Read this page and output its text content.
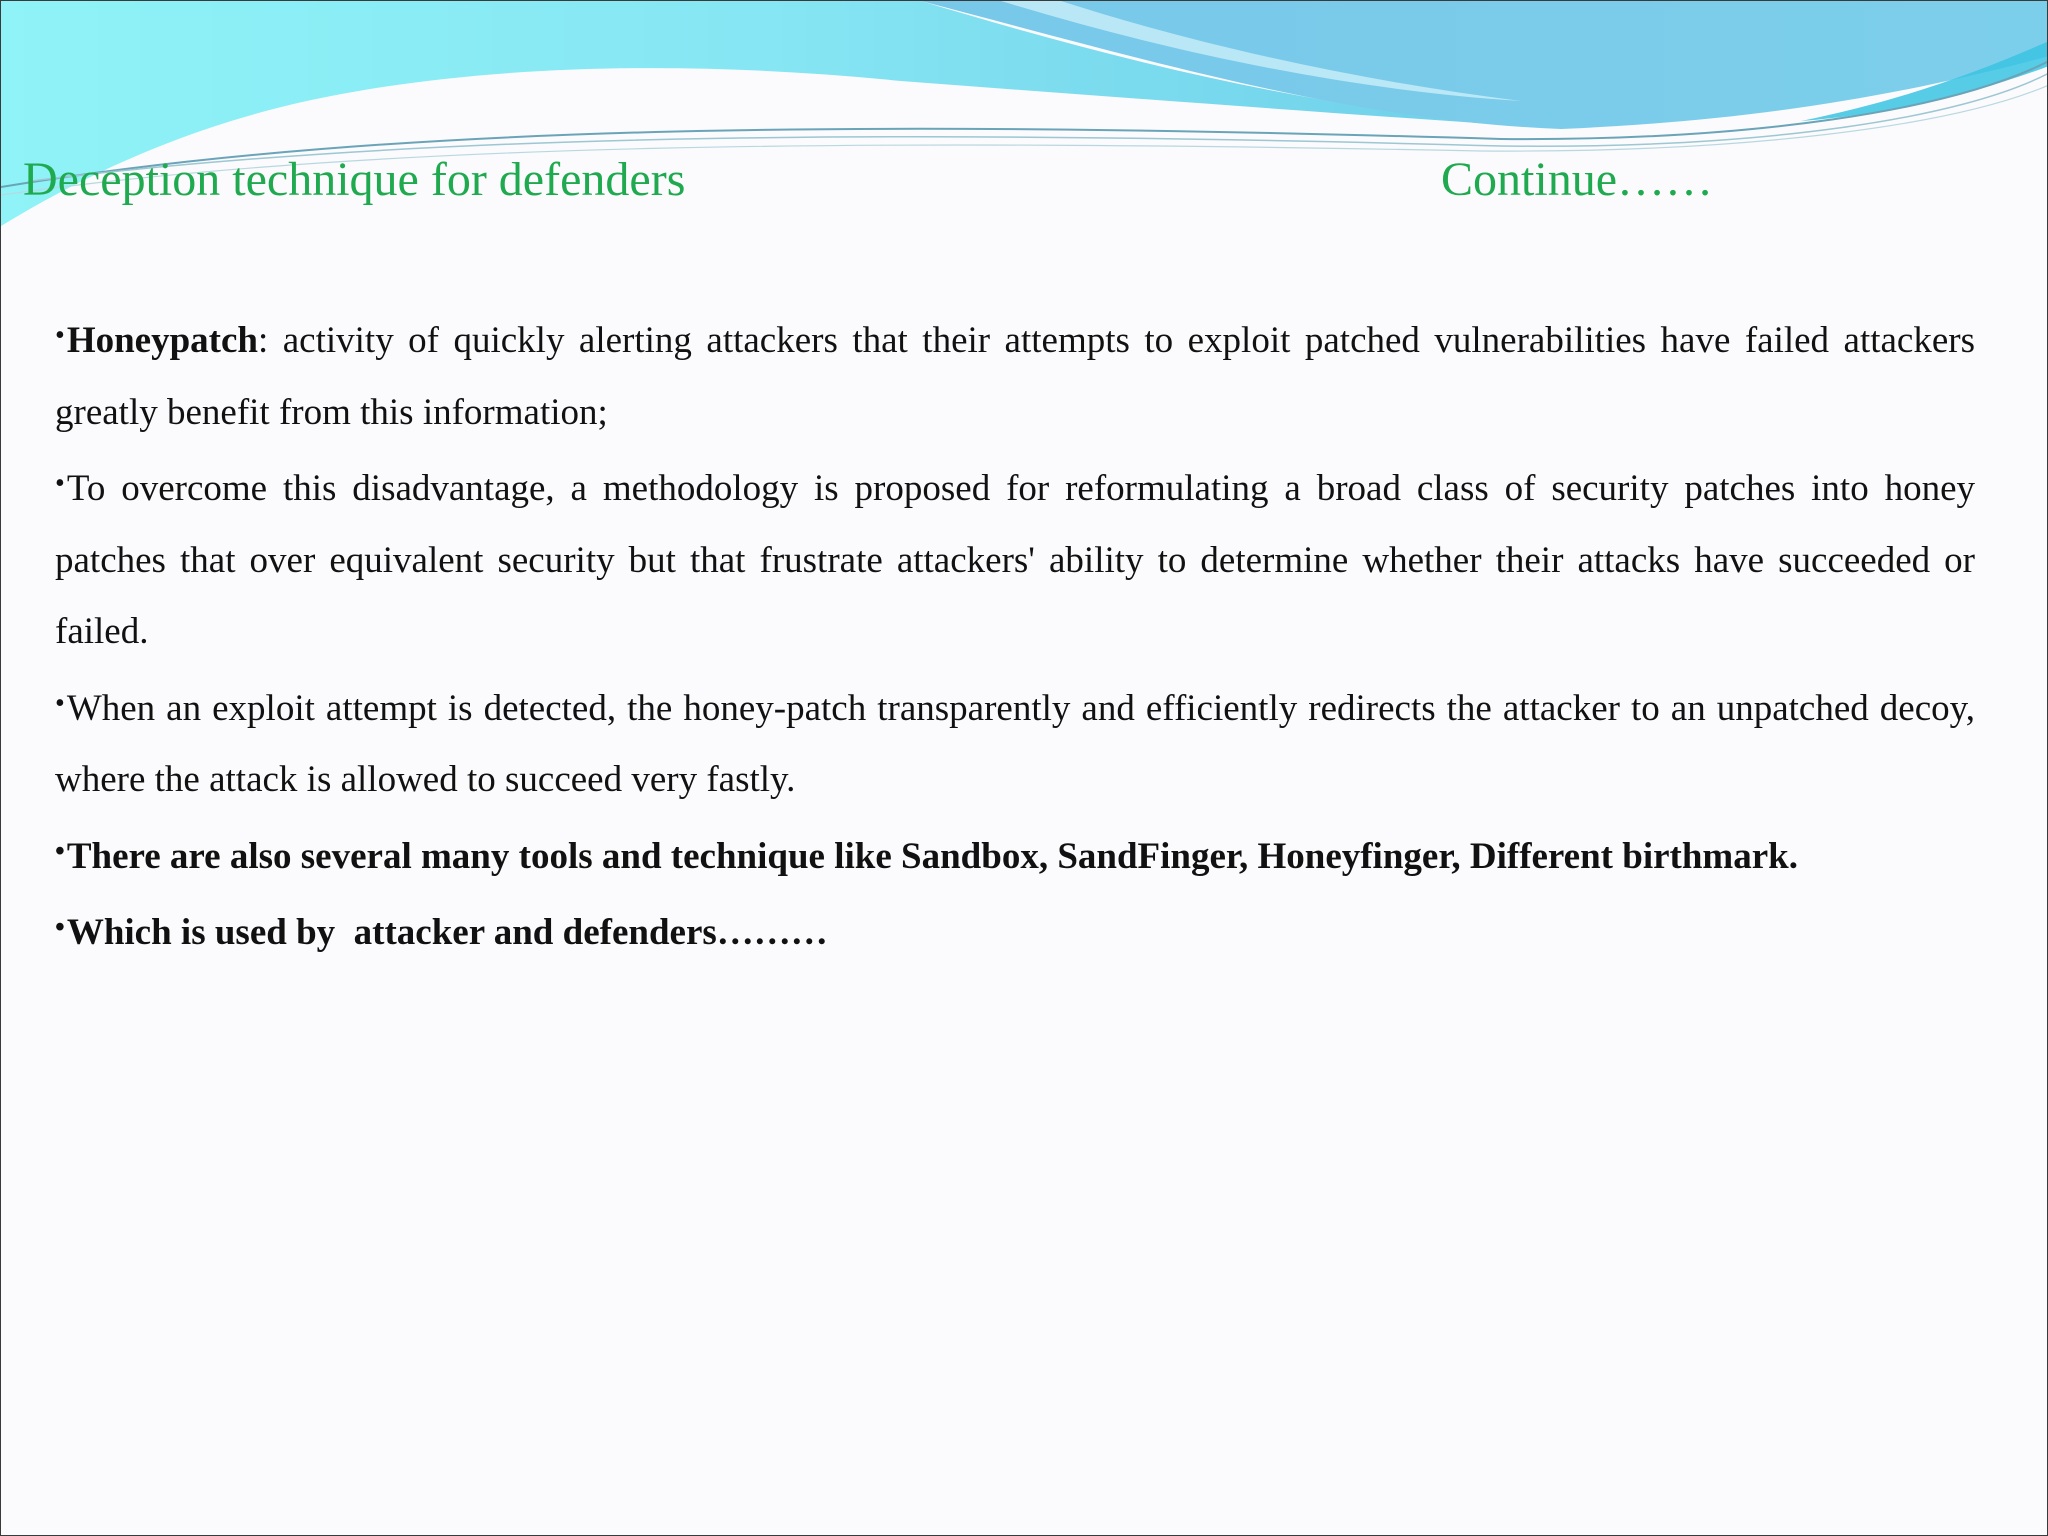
Deception technique for defenders	Continue……

•Honeypatch: activity of quickly alerting attackers that their attempts to exploit patched vulnerabilities have failed attackers greatly benefit from this information;

•To overcome this disadvantage, a methodology is proposed for reformulating a broad class of security patches into honey patches that over equivalent security but that frustrate attackers' ability to determine whether their attacks have succeeded or failed.

•When an exploit attempt is detected, the honey-patch transparently and efficiently redirects the attacker to an unpatched decoy, where the attack is allowed to succeed very fastly.

•There are also several many tools and technique like Sandbox, SandFinger, Honeyfinger, Different birthmark.

•Which is used by  attacker and defenders………
